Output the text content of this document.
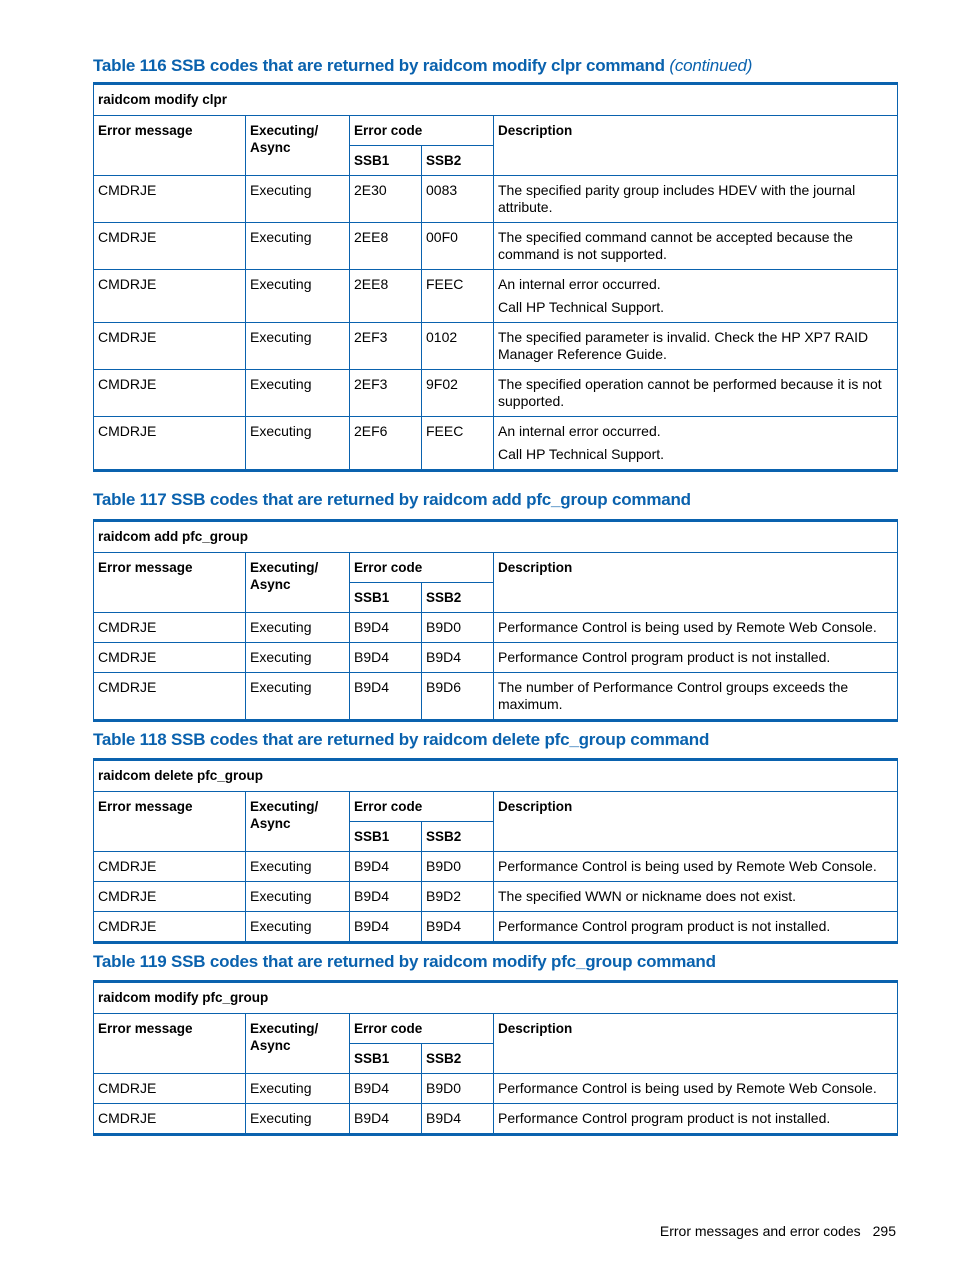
Table 116 SSB codes that are returned by raidcom modify clpr command (continued)
raidcom modify clpr				
Error message	Executing/
Async	Error code		Description
		SSB1	SSB2	
CMDRJE	Executing	2E30	0083	The specified parity group includes HDEV with the journal attribute.
CMDRJE	Executing	2EE8	00F0	The specified command cannot be accepted because the command is not supported.
CMDRJE	Executing	2EE8	FEEC	An internal error occurred.
Call HP Technical Support.

CMDRJE	Executing	2EF3	0102	The specified parameter is invalid. Check the HP XP7 RAID Manager Reference Guide.
CMDRJE	Executing	2EF3	9F02	The specified operation cannot be performed because it is not supported.
CMDRJE	Executing	2EF6	FEEC	An internal error occurred.
Call HP Technical Support.
Table 117 SSB codes that are returned by raidcom add pfc_group command
raidcom add pfc_group				
Error message	Executing/
Async	Error code		Description
		SSB1	SSB2	
CMDRJE	Executing	B9D4	B9D0	Performance Control is being used by Remote Web Console.
CMDRJE	Executing	B9D4	B9D4	Performance Control program product is not installed.
CMDRJE	Executing	B9D4	B9D6	The number of Performance Control groups exceeds the maximum.
Table 118 SSB codes that are returned by raidcom delete pfc_group command
raidcom delete pfc_group				
Error message	Executing/
Async	Error code		Description
		SSB1	SSB2	
CMDRJE	Executing	B9D4	B9D0	Performance Control is being used by Remote Web Console.
CMDRJE	Executing	B9D4	B9D2	The specified WWN or nickname does not exist.
CMDRJE	Executing	B9D4	B9D4	Performance Control program product is not installed.
Table 119 SSB codes that are returned by raidcom modify pfc_group command
raidcom modify pfc_group				
Error message	Executing/
Async	Error code		Description
		SSB1	SSB2	
CMDRJE	Executing	B9D4	B9D0	Performance Control is being used by Remote Web Console.
CMDRJE	Executing	B9D4	B9D4	Performance Control program product is not installed.
Error messages and error codes 295
